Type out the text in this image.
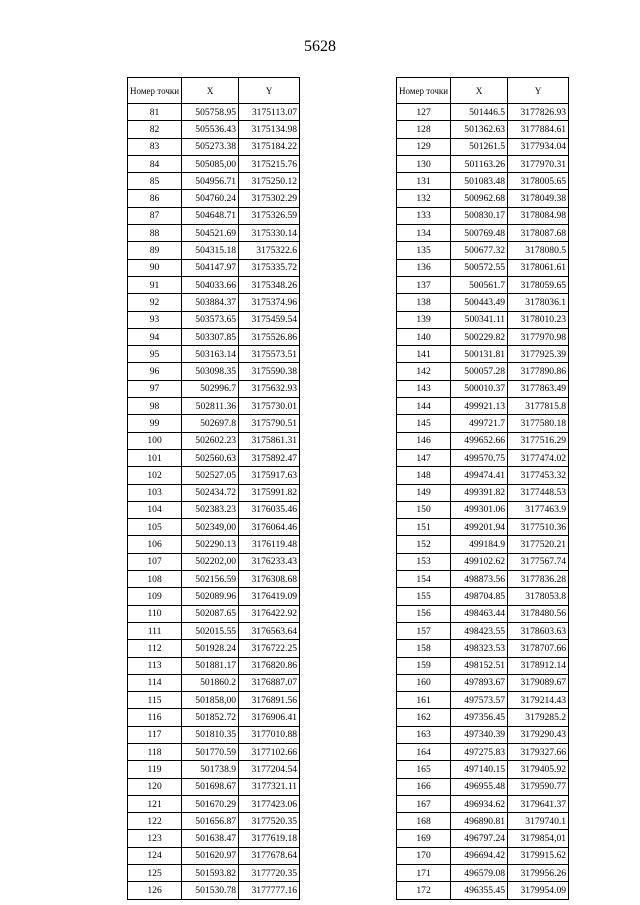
5628
Номер точки	X	Y
81	505758.95	3175113.07
82	505536.43	3175134.98
83	505273.38	3175184.22
84	505085,00	3175215.76
85	504956.71	3175250.12
86	504760.24	3175302.29
87	504648.71	3175326.59
88	504521.69	3175330.14
89	504315.18	3175322.6
90	504147.97	3175335.72
91	504033.66	3175348.26
92	503884.37	3175374.96
93	503573.65	3175459.54
94	503307.85	3175526.86
95	503163.14	3175573.51
96	503098.35	3175590.38
97	502996.7	3175632.93
98	502811.36	3175730.01
99	502697.8	3175790.51
100	502602.23	3175861.31
101	502560.63	3175892.47
102	502527.05	3175917.63
103	502434.72	3175991.82
104	502383.23	3176035.46
105	502349,00	3176064.46
106	502290.13	3176119.48
107	502202,00	3176233.43
108	502156.59	3176308.68
109	502089.96	3176419.09
110	502087.65	3176422.92
111	502015.55	3176563.64
112	501928.24	3176722.25
113	501881.17	3176820.86
114	501860.2	3176887.07
115	501858,00	3176891.56
116	501852.72	3176906.41
117	501810.35	3177010.88
118	501770.59	3177102.66
119	501738.9	3177204.54
120	501698.67	3177321.11
121	501670.29	3177423.06
122	501656.87	3177520.35
123	501638.47	3177619.18
124	501620.97	3177678.64
125	501593.82	3177720.35
126	501530.78	3177777.16
Номер точки	X	Y
127	501446.5	3177826.93
128	501362.63	3177884.61
129	501261.5	3177934.04
130	501163.26	3177970.31
131	501083.48	3178005.65
132	500962.68	3178049.38
133	500830.17	3178084.98
134	500769.48	3178087.68
135	500677.32	3178080.5
136	500572.55	3178061.61
137	500561.7	3178059.65
138	500443.49	3178036.1
139	500341.11	3178010.23
140	500229.82	3177970.98
141	500131.81	3177925.39
142	500057.28	3177890.86
143	500010.37	3177863.49
144	499921.13	3177815.8
145	499721.7	3177580.18
146	499652.66	3177516.29
147	499570.75	3177474.02
148	499474.41	3177453.32
149	499391.82	3177448.53
150	499301.06	3177463.9
151	499201.94	3177510.36
152	499184.9	3177520.21
153	499102.62	3177567.74
154	498873.56	3177836.28
155	498704.85	3178053.8
156	498463.44	3178480.56
157	498423.55	3178603.63
158	498323.53	3178707.66
159	498152.51	3178912.14
160	497893.67	3179089.67
161	497573.57	3179214.43
162	497356.45	3179285.2
163	497340.39	3179290.43
164	497275.83	3179327.66
165	497140.15	3179405.92
166	496955.48	3179590.77
167	496934.62	3179641.37
168	496890.81	3179740.1
169	496797.24	3179854,01
170	496694.42	3179915.62
171	496579.08	3179956.26
172	496355.45	3179954.09
